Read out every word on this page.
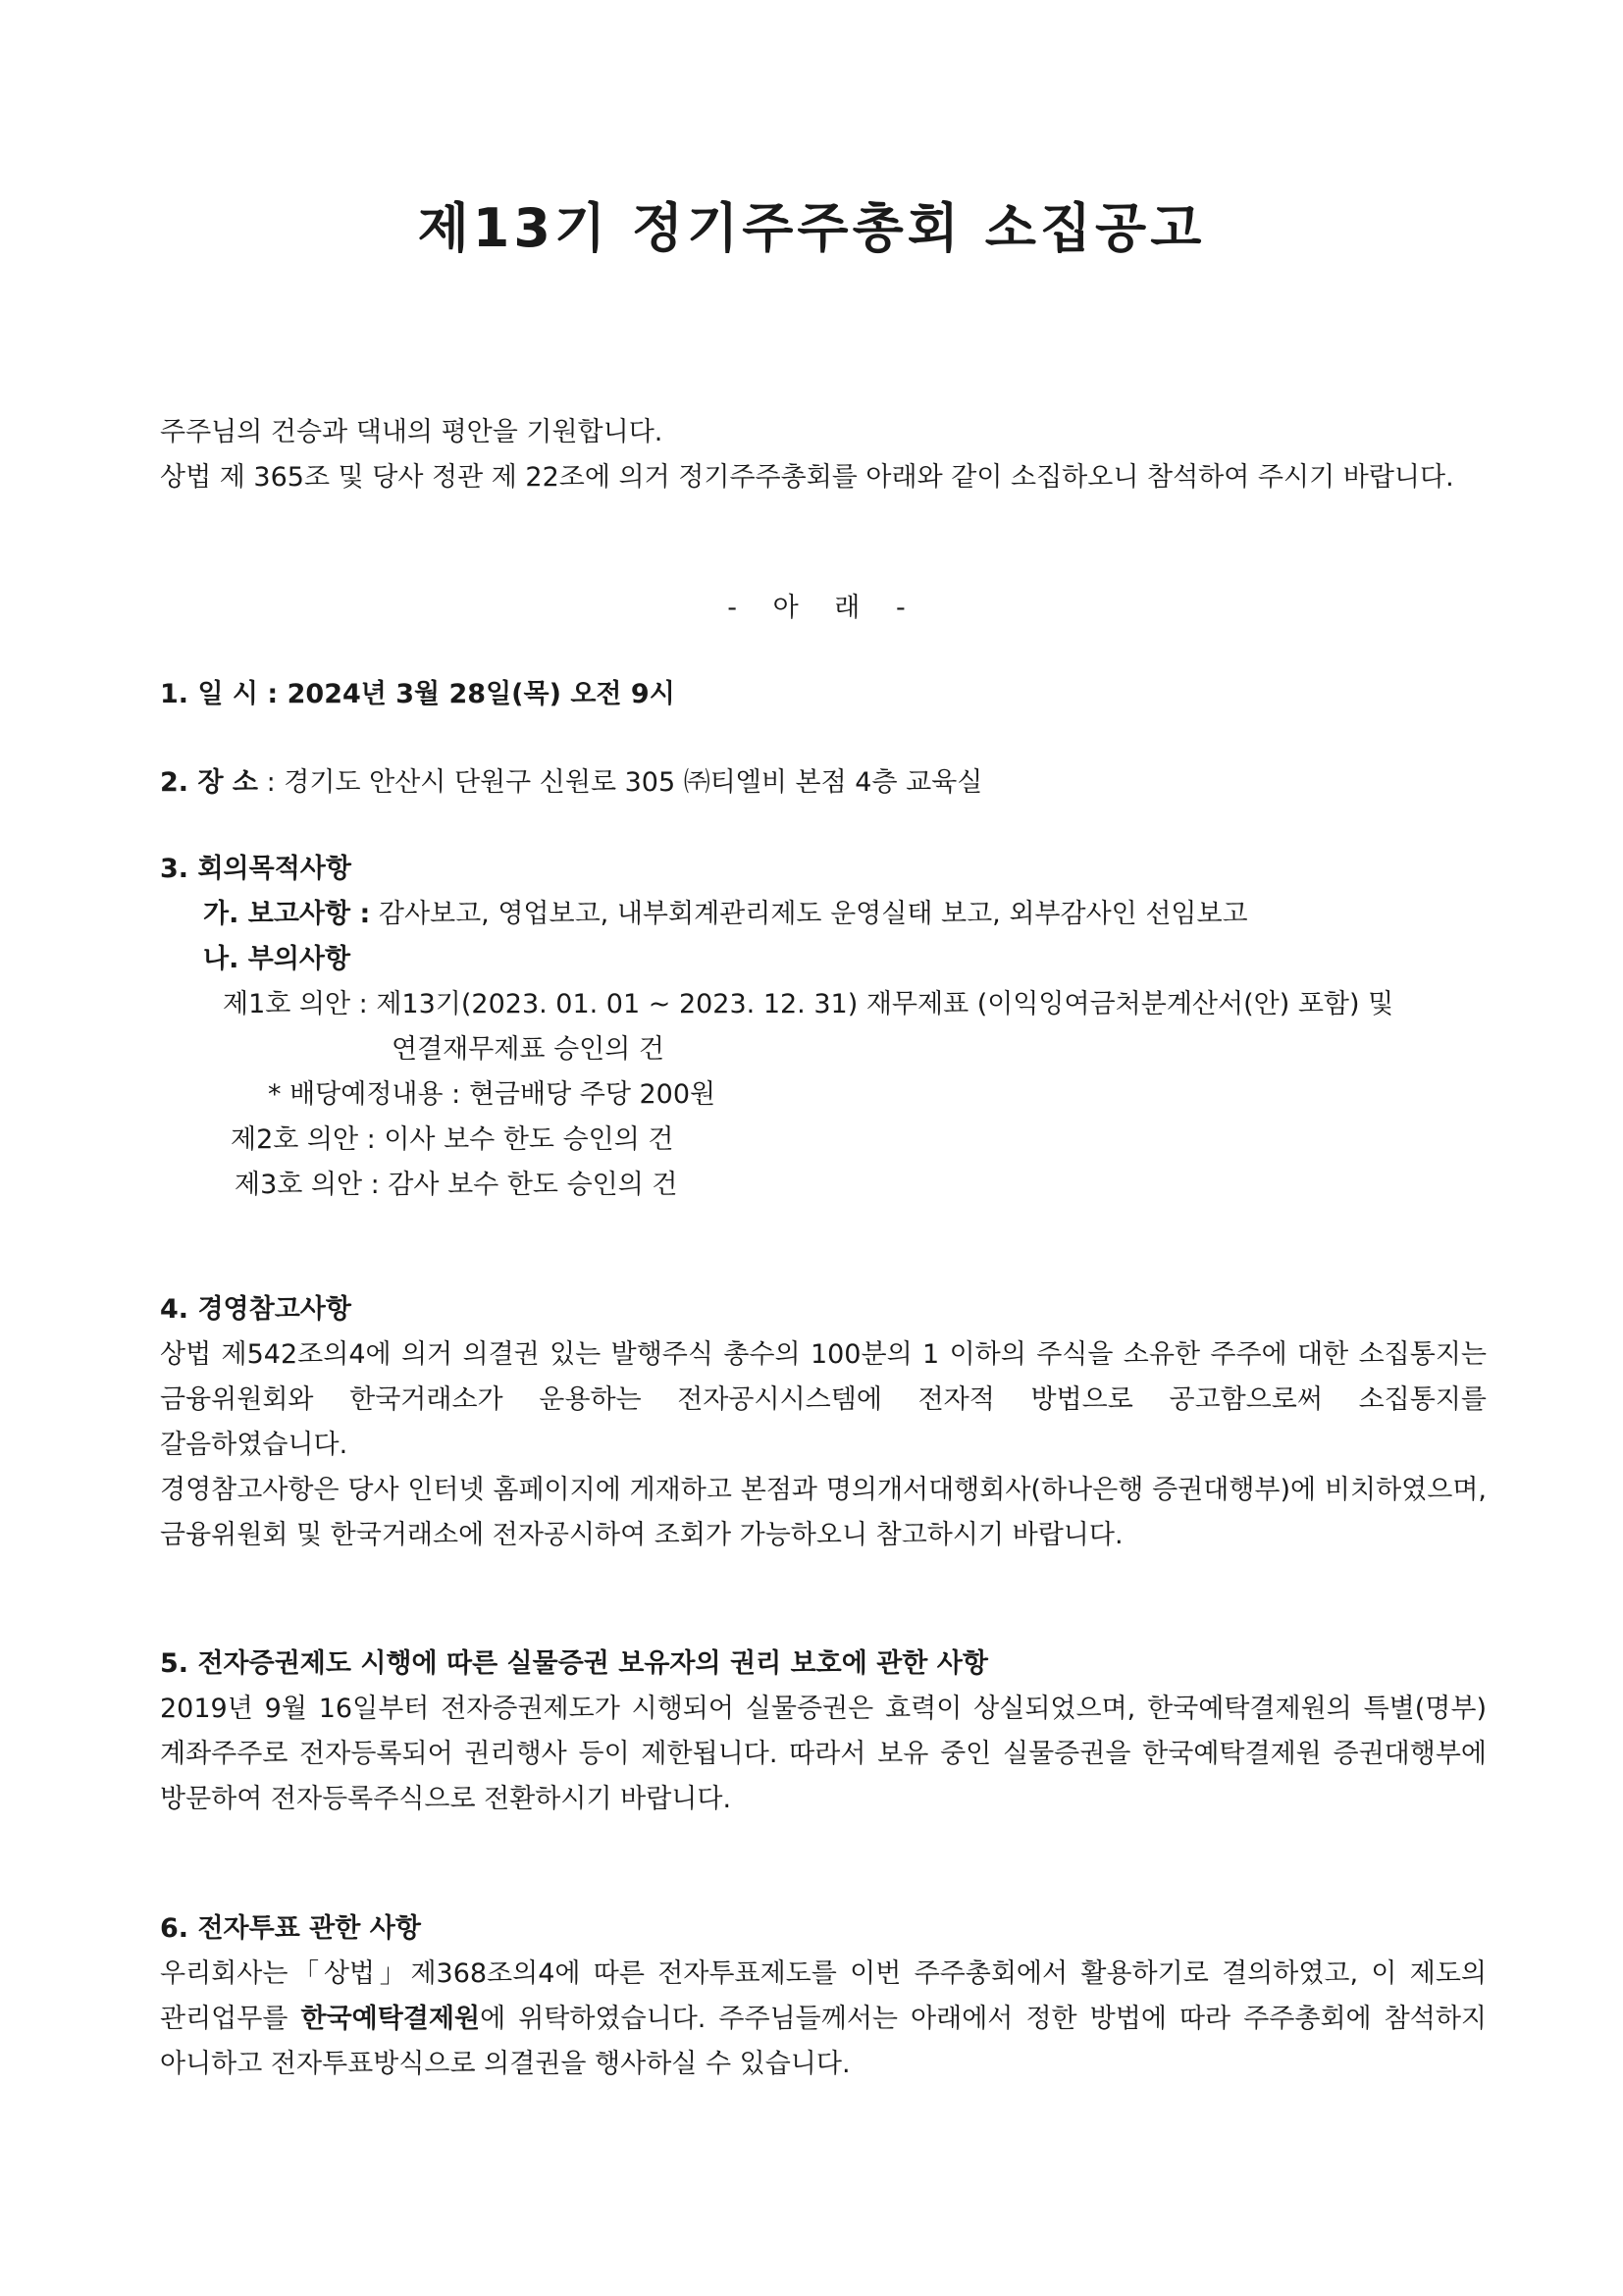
제13기 정기주주총회 소집공고

주주님의 건승과 댁내의 평안을 기원합니다.

상법 제 365조 및 당사 정관 제 22조에 의거 정기주주총회를 아래와 같이 소집하오니 참석하여 주시기 바랍니다.

- 아 래 -

1. 일 시 : 2024년 3월 28일(목) 오전 9시

2. 장 소 : 경기도 안산시 단원구 신원로 305 ㈜티엘비 본점 4층 교육실

3. 회의목적사항

가. 보고사항 : 감사보고, 영업보고, 내부회계관리제도 운영실태 보고, 외부감사인 선임보고

나. 부의사항

제1호 의안 : 제13기(2023. 01. 01 ~ 2023. 12. 31) 재무제표 (이익잉여금처분계산서(안) 포함) 및

연결재무제표 승인의 건

* 배당예정내용 : 현금배당 주당 200원

제2호 의안 : 이사 보수 한도 승인의 건

제3호 의안 : 감사 보수 한도 승인의 건

4. 경영참고사항

상법 제542조의4에 의거 의결권 있는 발행주식 총수의 100분의 1 이하의 주식을 소유한 주주에 대한 소집통지는 금융위원회와 한국거래소가 운용하는 전자공시시스템에 전자적 방법으로 공고함으로써 소집통지를 갈음하였습니다.

경영참고사항은 당사 인터넷 홈페이지에 게재하고 본점과 명의개서대행회사(하나은행 증권대행부)에 비치하였으며, 금융위원회 및 한국거래소에 전자공시하여 조회가 가능하오니 참고하시기 바랍니다.

5. 전자증권제도 시행에 따른 실물증권 보유자의 권리 보호에 관한 사항

2019년 9월 16일부터 전자증권제도가 시행되어 실물증권은 효력이 상실되었으며, 한국예탁결제원의 특별(명부)계좌주주로 전자등록되어 권리행사 등이 제한됩니다. 따라서 보유 중인 실물증권을 한국예탁결제원 증권대행부에 방문하여 전자등록주식으로 전환하시기 바랍니다.

6. 전자투표 관한 사항

우리회사는「상법」제368조의4에 따른 전자투표제도를 이번 주주총회에서 활용하기로 결의하였고, 이 제도의 관리업무를 한국예탁결제원에 위탁하였습니다. 주주님들께서는 아래에서 정한 방법에 따라 주주총회에 참석하지 아니하고 전자투표방식으로 의결권을 행사하실 수 있습니다.
